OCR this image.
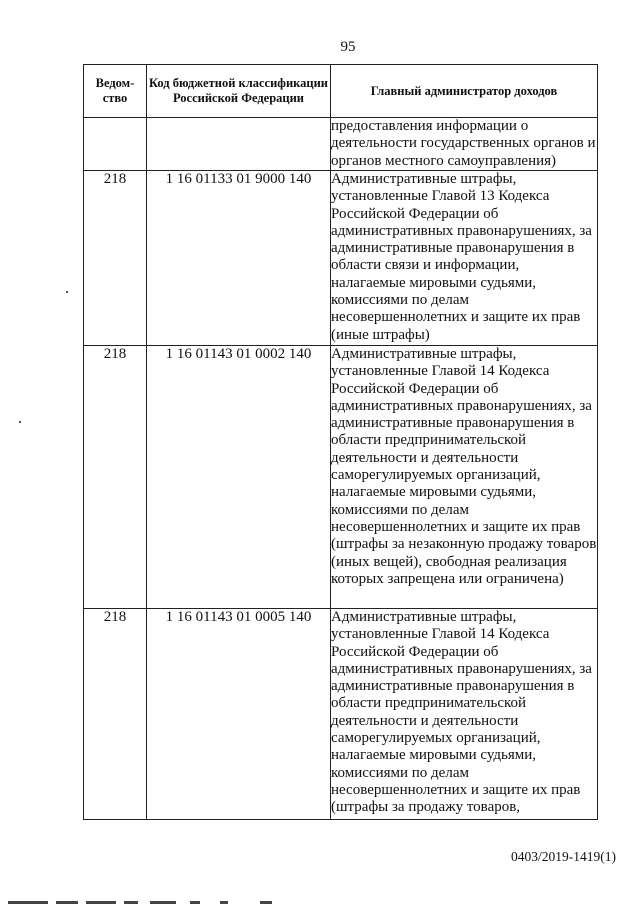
95
Ведом-ство	Код бюджетной классификации Российской Федерации	Главный администратор доходов
		предоставления информации о деятельности государственных органов и органов местного самоуправления)
218	1 16 01133 01 9000 140	Административные штрафы, установленные Главой 13 Кодекса Российской Федерации об административных правонарушениях, за административные правонарушения в области связи и информации, налагаемые мировыми судьями, комиссиями по делам несовершеннолетних и защите их прав (иные штрафы)
218	1 16 01143 01 0002 140	Административные штрафы, установленные Главой 14 Кодекса Российской Федерации об административных правонарушениях, за административные правонарушения в области предпринимательской деятельности и деятельности саморегулируемых организаций, налагаемые мировыми судьями, комиссиями по делам несовершеннолетних и защите их прав (штрафы за незаконную продажу товаров (иных вещей), свободная реализация которых запрещена или ограничена)
218	1 16 01143 01 0005 140	Административные штрафы, установленные Главой 14 Кодекса Российской Федерации об административных правонарушениях, за административные правонарушения в области предпринимательской деятельности и деятельности саморегулируемых организаций, налагаемые мировыми судьями, комиссиями по делам несовершеннолетних и защите их прав (штрафы за продажу товаров,
0403/2019-1419(1)
